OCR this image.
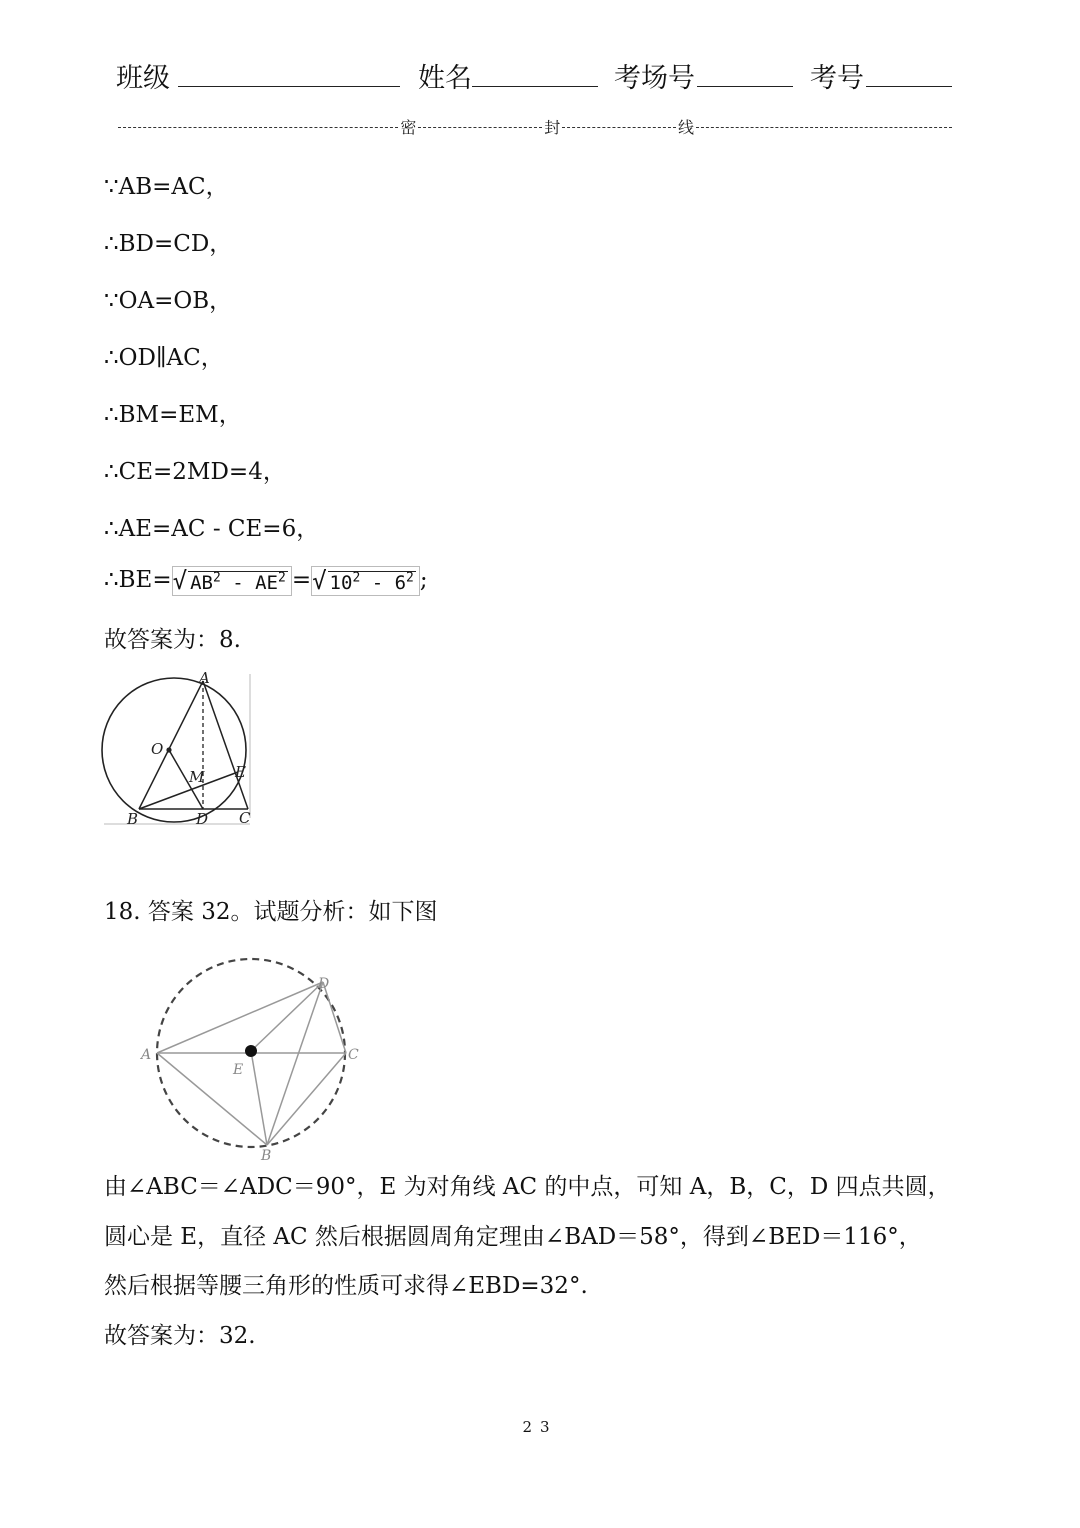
班级	姓名	考场号	考号
密	封	线
∵AB=AC，
∴BD=CD，
∵OA=OB，
∴OD∥AC，
∴BM=EM，
∴CE=2MD=4，
∴AE=AC - CE=6，
∴BE=√ $AB^2 - AE^2$ =√ $10^2 - 6^2$ ;
故答案为：8.
A
O
M E
B	D C
18. 答案 32。试题分析：如下图
A
D
C
E
B
由∠ABC＝∠ADC＝90°，E 为对角线 AC 的中点，可知 A，B，C，D 四点共圆，
圆心是 E，直径 AC 然后根据圆周角定理由∠BAD＝58°，得到∠BED＝116°，
然后根据等腰三角形的性质可求得∠EBD=32°.
故答案为：32.
23
